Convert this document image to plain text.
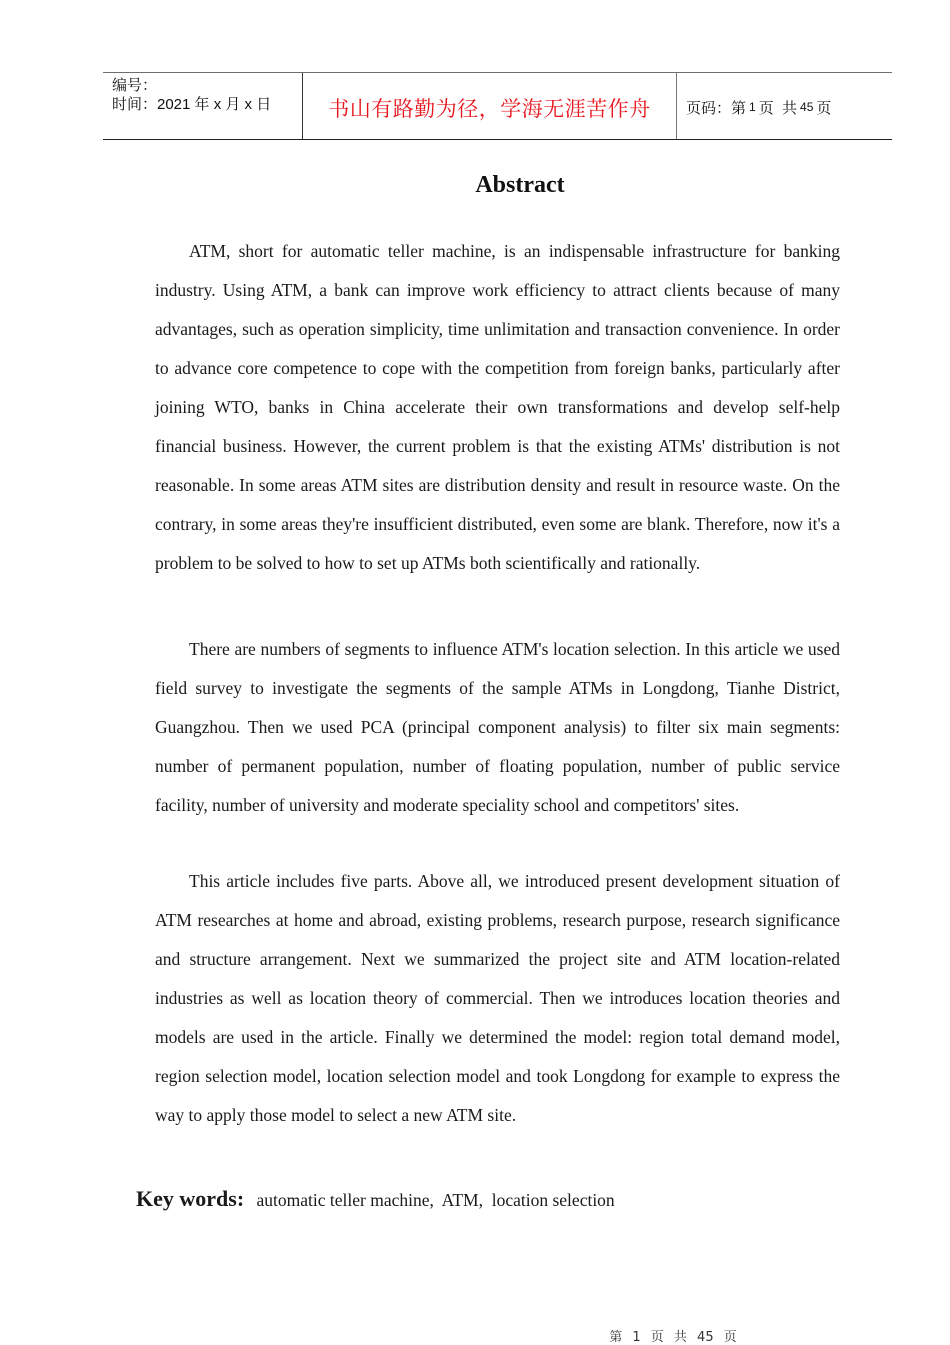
编号：
时间：2021 年 x 月 x 日	书山有路勤为径，学海无涯苦作舟 页码：第 1 页  共 45 页
Abstract

ATM, short for automatic teller machine, is an indispensable infrastructure for banking industry. Using ATM, a bank can improve work efficiency to attract clients because of many advantages, such as operation simplicity, time unlimitation and transaction convenience. In order to advance core competence to cope with the competition from foreign banks, particularly after joining WTO, banks in China accelerate their own transformations and develop self-help financial business. However, the current problem is that the existing ATMs' distribution is not reasonable. In some areas ATM sites are distribution density and result in resource waste. On the contrary, in some areas they're insufficient distributed, even some are blank. Therefore, now it's a problem to be solved to how to set up ATMs both scientifically and rationally.

There are numbers of segments to influence ATM's location selection. In this article we used field survey to investigate the segments of the sample ATMs in Longdong, Tianhe District, Guangzhou. Then we used PCA (principal component analysis) to filter six main segments: number of permanent population, number of floating population, number of public service facility, number of university and moderate speciality school and competitors' sites.

This article includes five parts. Above all, we introduced present development situation of ATM researches at home and abroad, existing problems, research purpose, research significance and structure arrangement. Next we summarized the project site and ATM location-related industries as well as location theory of commercial. Then we introduces location theories and models are used in the article. Finally we determined the model: region total demand model, region selection model, location selection model and took Longdong for example to express the way to apply those model to select a new ATM site.

Key words: automatic teller machine,  ATM,  location selection
第 1 页 共 45 页
